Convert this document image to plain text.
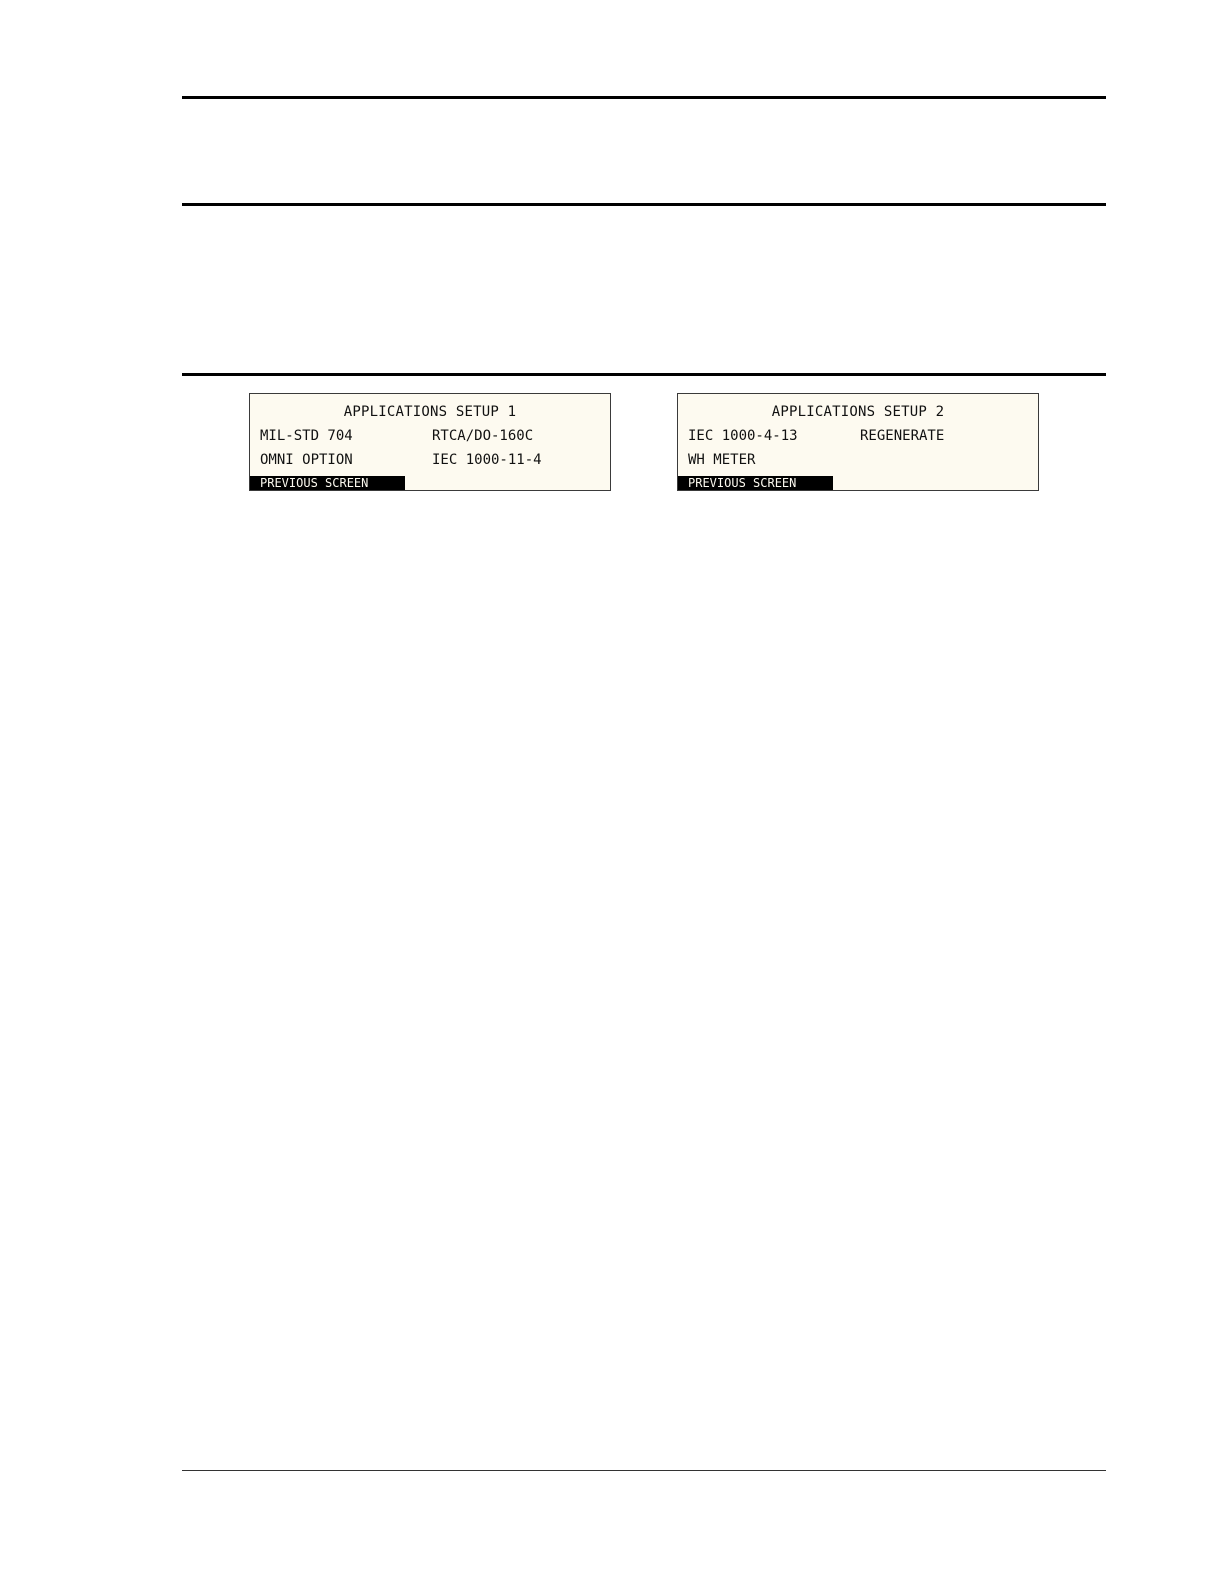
APPLICATIONS SETUP 1
MIL-STD 704	RTCA/DO-160C
OMNI OPTION	IEC 1000-11-4
PREVIOUS SCREEN
APPLICATIONS SETUP 2
IEC 1000-4-13	REGENERATE
WH METER
PREVIOUS SCREEN
